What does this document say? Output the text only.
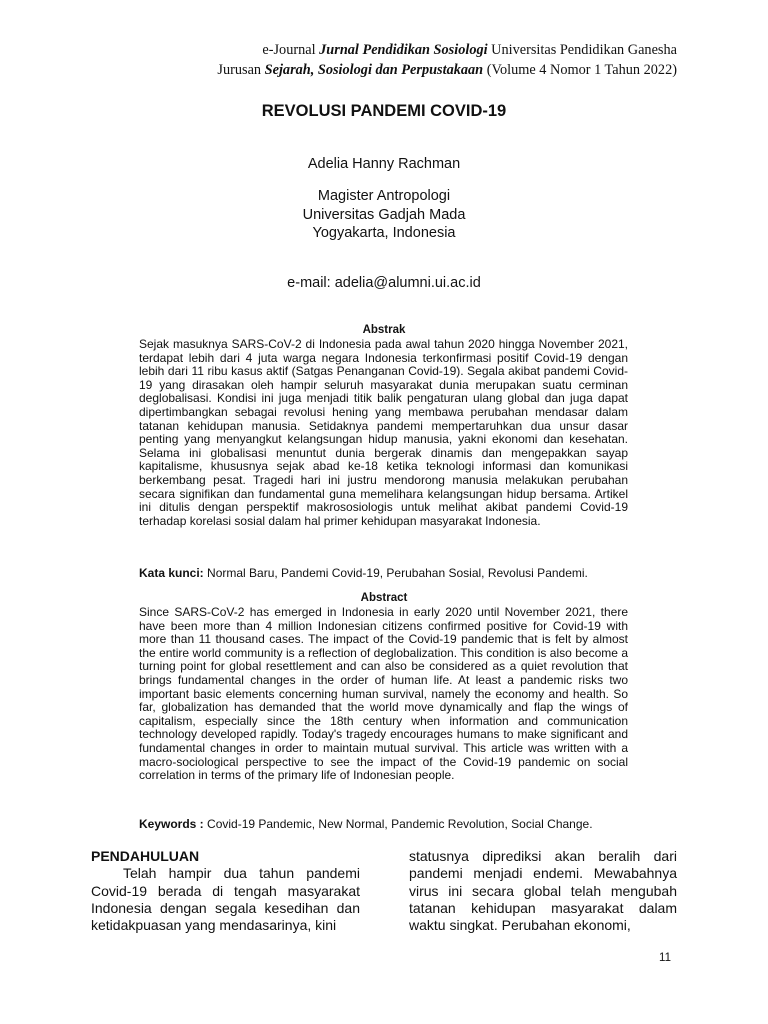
e-Journal Jurnal Pendidikan Sosiologi Universitas Pendidikan Ganesha
Jurusan Sejarah, Sosiologi dan Perpustakaan (Volume 4 Nomor 1 Tahun 2022)
REVOLUSI PANDEMI COVID-19
Adelia Hanny Rachman
Magister Antropologi
Universitas Gadjah Mada
Yogyakarta, Indonesia
e-mail: adelia@alumni.ui.ac.id
Abstrak
Sejak masuknya SARS-CoV-2 di Indonesia pada awal tahun 2020 hingga November 2021, terdapat lebih dari 4 juta warga negara Indonesia terkonfirmasi positif Covid-19 dengan lebih dari 11 ribu kasus aktif (Satgas Penanganan Covid-19). Segala akibat pandemi Covid-19 yang dirasakan oleh hampir seluruh masyarakat dunia merupakan suatu cerminan deglobalisasi. Kondisi ini juga menjadi titik balik pengaturan ulang global dan juga dapat dipertimbangkan sebagai revolusi hening yang membawa perubahan mendasar dalam tatanan kehidupan manusia. Setidaknya pandemi mempertaruhkan dua unsur dasar penting yang menyangkut kelangsungan hidup manusia, yakni ekonomi dan kesehatan. Selama ini globalisasi menuntut dunia bergerak dinamis dan mengepakkan sayap kapitalisme, khususnya sejak abad ke-18 ketika teknologi informasi dan komunikasi berkembang pesat. Tragedi hari ini justru mendorong manusia melakukan perubahan secara signifikan dan fundamental guna memelihara kelangsungan hidup bersama. Artikel ini ditulis dengan perspektif makrososiologis untuk melihat akibat pandemi Covid-19 terhadap korelasi sosial dalam hal primer kehidupan masyarakat Indonesia.
Kata kunci: Normal Baru, Pandemi Covid-19, Perubahan Sosial, Revolusi Pandemi.
Abstract
Since SARS-CoV-2 has emerged in Indonesia in early 2020 until November 2021, there have been more than 4 million Indonesian citizens confirmed positive for Covid-19 with more than 11 thousand cases. The impact of the Covid-19 pandemic that is felt by almost the entire world community is a reflection of deglobalization. This condition is also become a turning point for global resettlement and can also be considered as a quiet revolution that brings fundamental changes in the order of human life. At least a pandemic risks two important basic elements concerning human survival, namely the economy and health. So far, globalization has demanded that the world move dynamically and flap the wings of capitalism, especially since the 18th century when information and communication technology developed rapidly. Today's tragedy encourages humans to make significant and fundamental changes in order to maintain mutual survival. This article was written with a macro-sociological perspective to see the impact of the Covid-19 pandemic on social correlation in terms of the primary life of Indonesian people.
Keywords : Covid-19 Pandemic, New Normal, Pandemic Revolution, Social Change.
PENDAHULUAN
Telah hampir dua tahun pandemi Covid-19 berada di tengah masyarakat Indonesia dengan segala kesedihan dan ketidakpuasan yang mendasarinya, kini
statusnya diprediksi akan beralih dari pandemi menjadi endemi. Mewabahnya virus ini secara global telah mengubah tatanan kehidupan masyarakat dalam waktu singkat. Perubahan ekonomi,
11
